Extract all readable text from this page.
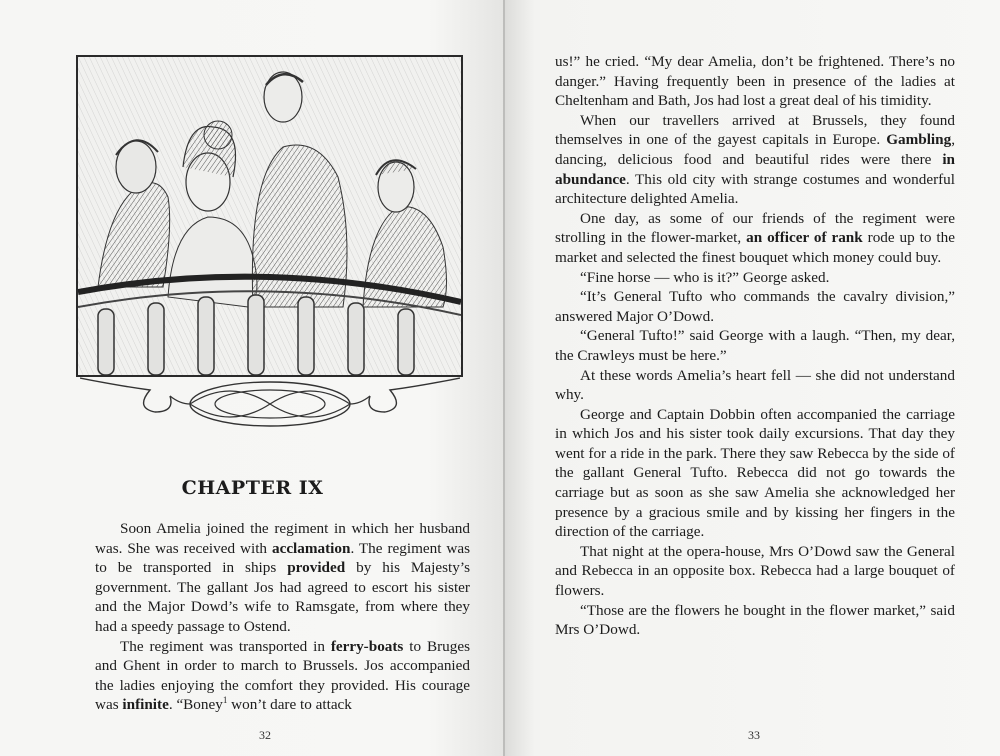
CHAPTER IX

Soon Amelia joined the regiment in which her husband was. She was received with acclamation. The regiment was to be transported in ships provided by his Majesty’s government. The gallant Jos had agreed to escort his sister and the Major Dowd’s wife to Ramsgate, from where they had a speedy passage to Ostend.

The regiment was transported in ferry-boats to Bruges and Ghent in order to march to Brussels. Jos accompanied the ladies enjoying the comfort they provided. His courage was infinite. “Boney$^1$ won’t dare to attack

32

us!” he cried. “My dear Amelia, don’t be frightened. There’s no danger.” Having frequently been in presence of the ladies at Cheltenham and Bath, Jos had lost a great deal of his timidity.

When our travellers arrived at Brussels, they found themselves in one of the gayest capitals in Europe. Gambling, dancing, delicious food and beautiful rides were there in abundance. This old city with strange costumes and wonderful architecture delighted Amelia.

One day, as some of our friends of the regiment were strolling in the flower-market, an officer of rank rode up to the market and selected the finest bouquet which money could buy.

“Fine horse — who is it?” George asked.

“It’s General Tufto who commands the cavalry division,” answered Major O’Dowd.

“General Tufto!” said George with a laugh. “Then, my dear, the Crawleys must be here.”

At these words Amelia’s heart fell — she did not understand why.

George and Captain Dobbin often accompanied the carriage in which Jos and his sister took daily excursions. That day they went for a ride in the park. There they saw Rebecca by the side of the gallant General Tufto. Rebecca did not go towards the carriage but as soon as she saw Amelia she acknowledged her presence by a gracious smile and by kissing her fingers in the direction of the carriage.

That night at the opera-house, Mrs O’Dowd saw the General and Rebecca in an opposite box. Rebecca had a large bouquet of flowers.

“Those are the flowers he bought in the flower market,” said Mrs O’Dowd.

33
